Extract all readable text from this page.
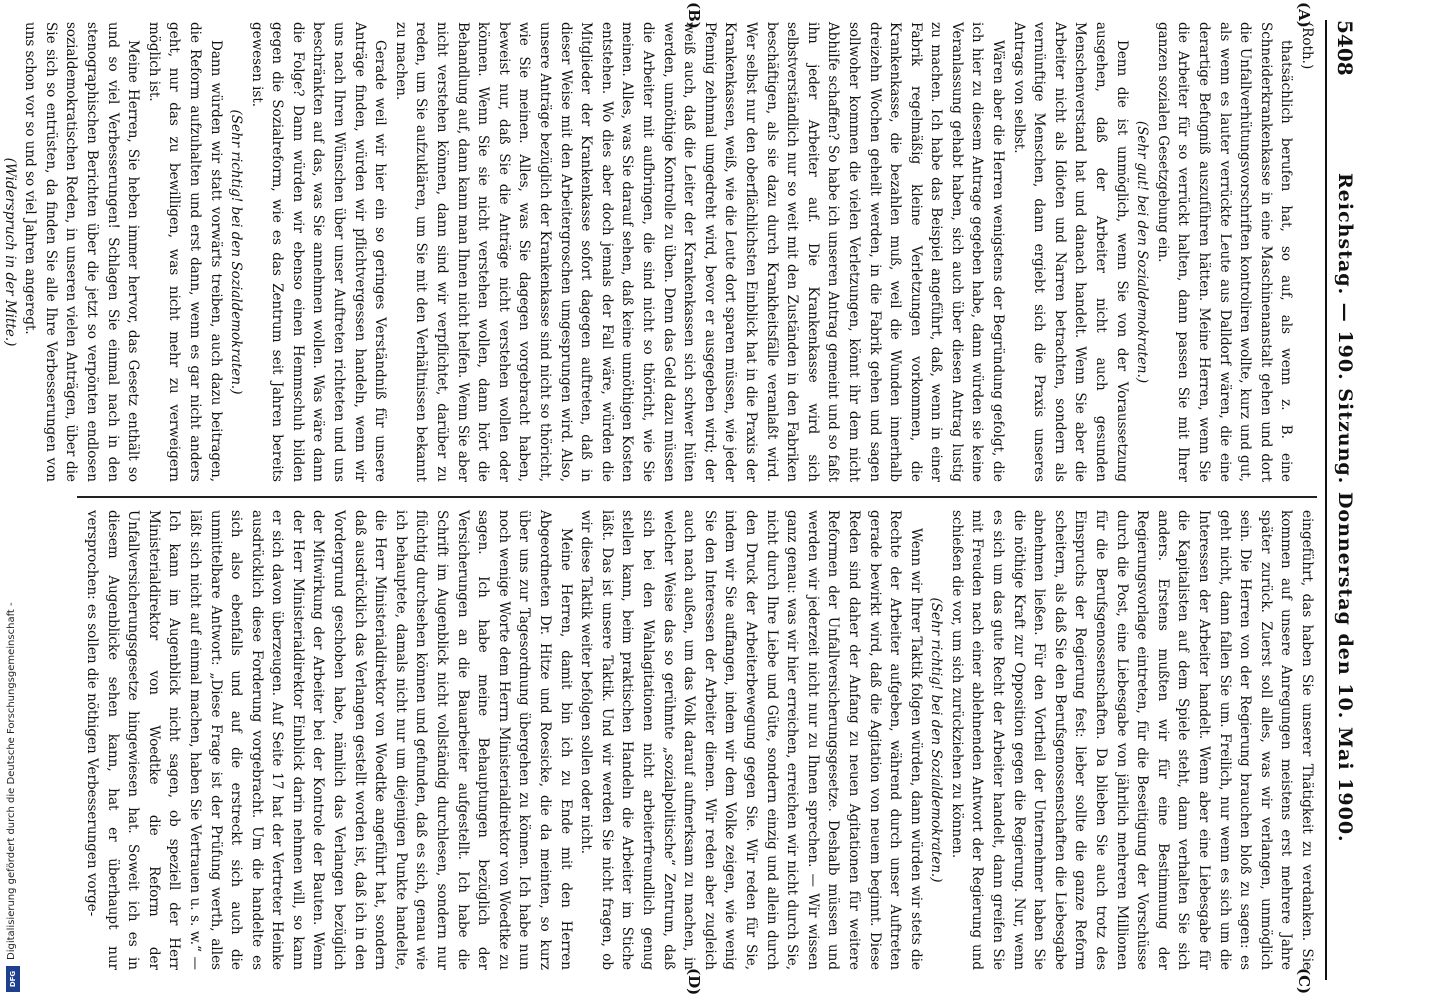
5408
Reichstag. — 190. Sitzung. Donnerstag den 10. Mai 1900.

(Roth.)

thatsächlich berufen hat, so auf, als wenn z. B. eine Schneiderkrankenkasse in eine Maschinenanstalt gehen und dort die Unfallverhütungsvorschriften kontroliren wollte, kurz und gut, als wenn es lauter verrückte Leute aus Dalldorf wären, die eine derartige Befugniß auszuführen hätten. Meine Herren, wenn Sie die Arbeiter für so verrückt halten, dann passen Sie mit Ihrer ganzen sozialen Gesetzgebung ein.

(Sehr gut! bei den Sozialdemokraten.)

Denn die ist unmöglich, wenn Sie von der Voraussetzung ausgehen, daß der Arbeiter nicht auch gesunden Menschenverstand hat und danach handelt. Wenn Sie aber die Arbeiter nicht als Idioten und Narren betrachten, sondern als vernünftige Menschen, dann ergiebt sich die Praxis unseres Antrags von selbst.

Wären aber die Herren wenigstens der Begründung gefolgt, die ich hier zu diesem Antrage gegeben habe, dann würden sie keine Veranlassung gehabt haben, sich auch über diesen Antrag lustig zu machen. Ich habe das Beispiel angeführt, daß, wenn in einer Fabrik regelmäßig kleine Verletzungen vorkommen, die Krankenkasse, die bezahlen muß, weil die Wunden innerhalb dreizehn Wochen geheilt werden, in die Fabrik gehen und sagen sollwoher kommen die vielen Verletzungen, könnt ihr dem nicht Abhilfe schaffen? So habe ich unseren Antrag gemeint und so faßt ihn jeder Arbeiter auf. Die Krankenkasse wird sich selbstverständlich nur so weit mit den Zuständen in den Fabriken beschäftigen, als sie dazu durch Krankheitsfälle veranlaßt wird. Wer selbst nur den oberflächlichsten Einblick hat in die Praxis der Krankenkassen, weiß, wie die Leute dort sparen müssen, wie jeder Pfennig zehnmal umgedreht wird, bevor er ausgegeben wird; der weiß auch, daß die Leiter der Krankenkassen sich schwer hüten werden, unnöthige Kontrolle zu üben. Denn das Geld dazu müssen die Arbeiter mit aufbringen, die sind nicht so thöricht, wie Sie meinen. Alles, was Sie darauf sehen, daß keine unnöthigen Kosten entstehen. Wo dies aber doch jemals der Fall wäre, würden die Mitglieder der Krankenkasse sofort dagegen auftreten, daß in dieser Weise mit den Arbeitergroschen umgesprungen wird. Also, unsere Anträge bezüglich der Krankenkasse sind nicht so thöricht, wie Sie meinen. Alles, was Sie dagegen vorgebracht haben, beweist nur, daß Sie die Anträge nicht verstehen wollen oder können. Wenn Sie sie nicht verstehen wollen, dann hört die Behandlung auf, dann kann man Ihnen nicht helfen. Wenn Sie aber nicht verstehen können, dann sind wir verpflichtet, darüber zu reden, um Sie aufzuklären, um Sie mit den Verhältnissen bekannt zu machen.

Gerade weil wir hier ein so geringes Verständniß für unsere Anträge finden, würden wir pflichtvergessen handeln, wenn wir uns nach Ihren Wünschen über unser Auftreten richteten und uns beschränkten auf das, was Sie annehmen wollen. Was wäre dann die Folge? Dann würden wir ebenso einen Hemmschuh bilden gegen die Sozialreform, wie es das Zentrum seit Jahren bereits gewesen ist.

(Sehr richtig! bei den Sozialdemokraten.)

Dann würden wir statt vorwärts treiben, auch dazu beitragen, die Reform aufzuhalten und erst dann, wenn es gar nicht anders geht, nur das zu bewilligen, was nicht mehr zu verweigern möglich ist.

Meine Herren, Sie heben immer hervor, das Gesetz enthält so und so viel Verbesserungen! Schlagen Sie einmal nach in den stenographischen Berichten über die jetzt so verpönten endlosen sozialdemokratischen Reden, in unseren vielen Anträgen, über die Sie sich so entrüsten, da finden Sie alle Ihre Verbesserungen von uns schon vor so und so viel Jahren angeregt.

(Widerspruch in der Mitte.)

eingeführt, das haben Sie unserer Thätigkeit zu verdanken. Sie kommen auf unsere Anregungen meistens erst mehrere Jahre später zurück. Zuerst soll alles, was wir verlangen, unmöglich sein. Die Herren von der Regierung brauchen bloß zu sagen: es geht nicht, dann fallen Sie um. Freilich, nur wenn es sich um die Interessen der Arbeiter handelt. Wenn aber eine Liebesgabe für die Kapitalisten auf dem Spiele steht, dann verhalten Sie sich anders. Erstens mußten wir für eine Bestimmung der Regierungsvorlage eintreten, für die Beseitigung der Vorschüsse durch die Post, eine Liebesgabe von jährlich mehreren Millionen für die Berufsgenossenschaften. Da blieben Sie auch trotz des Einspruchs der Regierung fest: lieber sollte die ganze Reform scheitern, als daß Sie den Berufsgenossenschaften die Liebesgabe abnehmen ließen. Für den Vortheil der Unternehmer haben Sie die nöthige Kraft zur Opposition gegen die Regierung. Nur, wenn es sich um das gute Recht der Arbeiter handelt, dann greifen Sie mit Freuden nach einer ablehnenden Antwort der Regierung und schießen die vor, um sich zurückziehen zu können.

(Sehr richtig! bei den Sozialdemokraten.)

Wenn wir Ihrer Taktik folgen würden, dann würden wir stets die Rechte der Arbeiter aufgeben, während durch unser Auftreten gerade bewirkt wird, daß die Agitation von neuem beginnt. Diese Reden sind daher der Anfang zu neuen Agitationen für weitere Reformen der Unfallversicherungsgesetze. Deshalb müssen und werden wir jederzeit nicht nur zu Ihnen sprechen. — Wir wissen ganz genau: was wir hier erreichen, erreichen wir nicht durch Sie, nicht durch Ihre Liebe und Güte, sondern einzig und allein durch den Druck der Arbeiterbewegung gegen Sie. Wir reden für Sie, indem wir Sie auffangen, indem wir dem Volke zeigen, wie wenig Sie den Interessen der Arbeiter dienen. Wir reden aber zugleich auch nach außen, um das Volk darauf aufmerksam zu machen, in welcher Weise das so gerühmte „sozialpolitische“ Zentrum, daß sich bei den Wahlagitationen nicht arbeiterfreundlich genug stellen kann, beim praktischen Handeln die Arbeiter im Stiche läßt. Das ist unsere Taktik. Und wir werden Sie nicht fragen, ob wir diese Taktik weiter befolgen sollen oder nicht.

Meine Herren, damit bin ich zu Ende mit den Herren Abgeordneten Dr. Hitze und Roesicke, die da meinten, so kurz über uns zur Tagesordnung übergehen zu können. Ich habe nun noch wenige Worte dem Herrn Ministerialdirektor von Woedtke zu sagen. Ich habe meine Behauptungen bezüglich der Versicherungen an die Bauarbeiter aufgestellt. Ich habe die Schrift im Augenblick nicht vollständig durchlesen, sondern nur flüchtig durchsehen können und gefunden, daß es sich, genau wie ich behauptete, damals nicht nur um diejenigen Punkte handelte, die Herr Ministerialdirektor von Woedtke angeführt hat, sondern daß ausdrücklich das Verlangen gestellt worden ist, daß ich in den Vordergrund geschoben habe, nämlich das Verlangen bezüglich der Mitwirkung der Arbeiter bei der Kontrole der Bauten. Wenn der Herr Ministerialdirektor Einblick darin nehmen will, so kann er sich davon überzeugen. Auf Seite 17 hat der Vertreter Heinke ausdrücklich diese Forderung vorgebracht. Um die handelte es sich also ebenfalls und auf die erstreckt sich auch die unmittelbare Antwort: „Diese Frage ist der Prüfung werth, alles läßt sich nicht auf einmal machen, haben Sie Vertrauen u. s. w.“ — Ich kann im Augenblick nicht sagen, ob speziell der Herr Ministerialdirektor von Woedtke die Reform der Unfallversicherungsgesetze hingewiesen hat. Soweit ich es in diesem Augenblicke sehen kann, hat er überhaupt nur versprochen: es sollen die nöthigen Verbesserungen vorge-

(A)
(B)
(C)
(D)
Digitalisierung gefördert durch die Deutsche Forschungsgemeinschaft -
DFG
